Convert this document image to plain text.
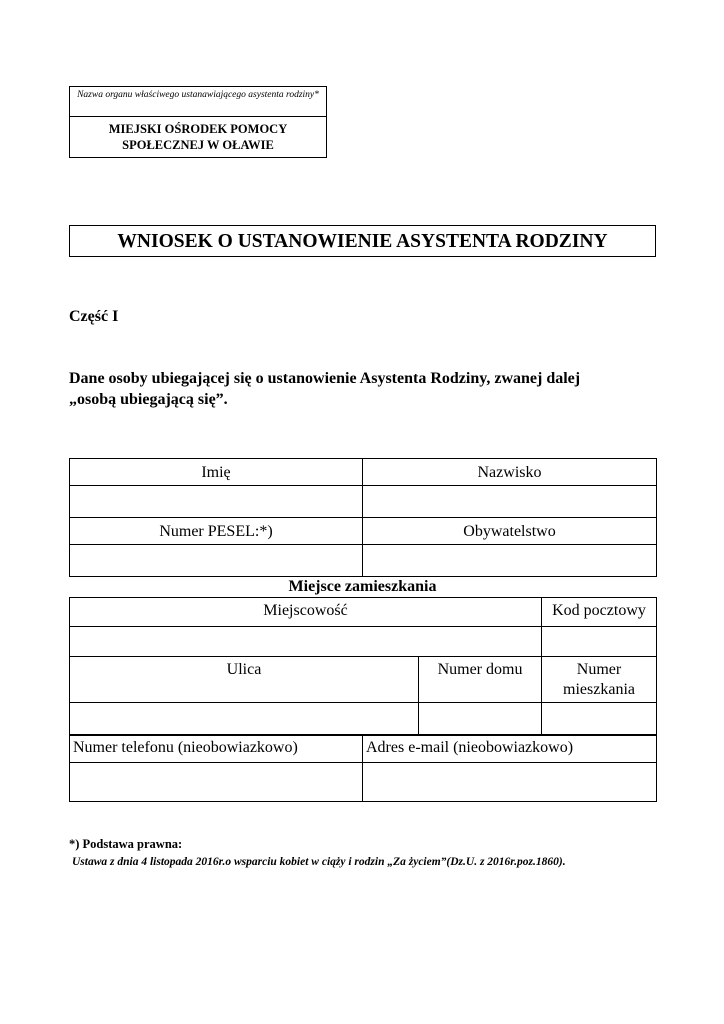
Nazwa organu właściwego ustanawiającego asystenta rodziny*
MIEJSKI OŚRODEK POMOCY SPOŁECZNEJ W OŁAWIE
WNIOSEK O USTANOWIENIE ASYSTENTA RODZINY
Część I
Dane osoby ubiegającej się o ustanowienie Asystenta Rodziny, zwanej dalej „osobą ubiegającą się”.
Imię	Nazwisko

Numer PESEL:*)	Obywatelstwo

Miejsce zamieszkania
Miejscowość		Kod pocztowy

Ulica	Numer domu	Numer mieszkania

Numer telefonu (nieobowiazkowo)	Adres e-mail (nieobowiazkowo)

*) Podstawa prawna:
Ustawa z dnia 4 listopada 2016r.o wsparciu kobiet w ciąży i rodzin „Za życiem”(Dz.U. z 2016r.poz.1860).
